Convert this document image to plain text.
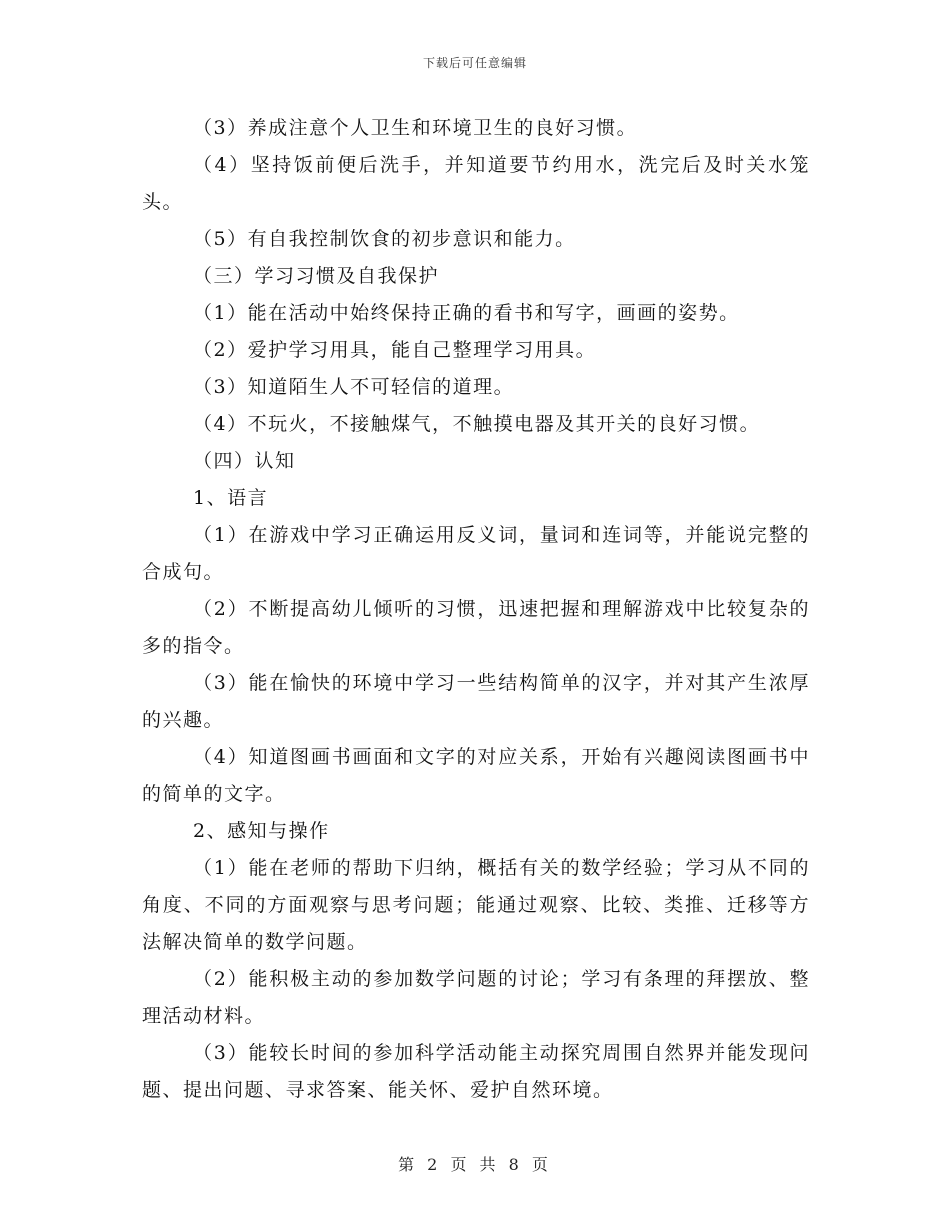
下载后可任意编辑

（3）养成注意个人卫生和环境卫生的良好习惯。

（4）坚持饭前便后洗手，并知道要节约用水，洗完后及时关水笼头。

（5）有自我控制饮食的初步意识和能力。

（三）学习习惯及自我保护

（1）能在活动中始终保持正确的看书和写字，画画的姿势。

（2）爱护学习用具，能自己整理学习用具。

（3）知道陌生人不可轻信的道理。

（4）不玩火，不接触煤气，不触摸电器及其开关的良好习惯。

（四）认知

1、语言

（1）在游戏中学习正确运用反义词，量词和连词等，并能说完整的合成句。

（2）不断提高幼儿倾听的习惯，迅速把握和理解游戏中比较复杂的多的指令。

（3）能在愉快的环境中学习一些结构简单的汉字，并对其产生浓厚的兴趣。

（4）知道图画书画面和文字的对应关系，开始有兴趣阅读图画书中的简单的文字。

2、感知与操作

（1）能在老师的帮助下归纳，概括有关的数学经验；学习从不同的角度、不同的方面观察与思考问题；能通过观察、比较、类推、迁移等方法解决简单的数学问题。

（2）能积极主动的参加数学问题的讨论；学习有条理的拜摆放、整理活动材料。

（3）能较长时间的参加科学活动能主动探究周围自然界并能发现问题、提出问题、寻求答案、能关怀、爱护自然环境。

第 2 页 共 8 页
